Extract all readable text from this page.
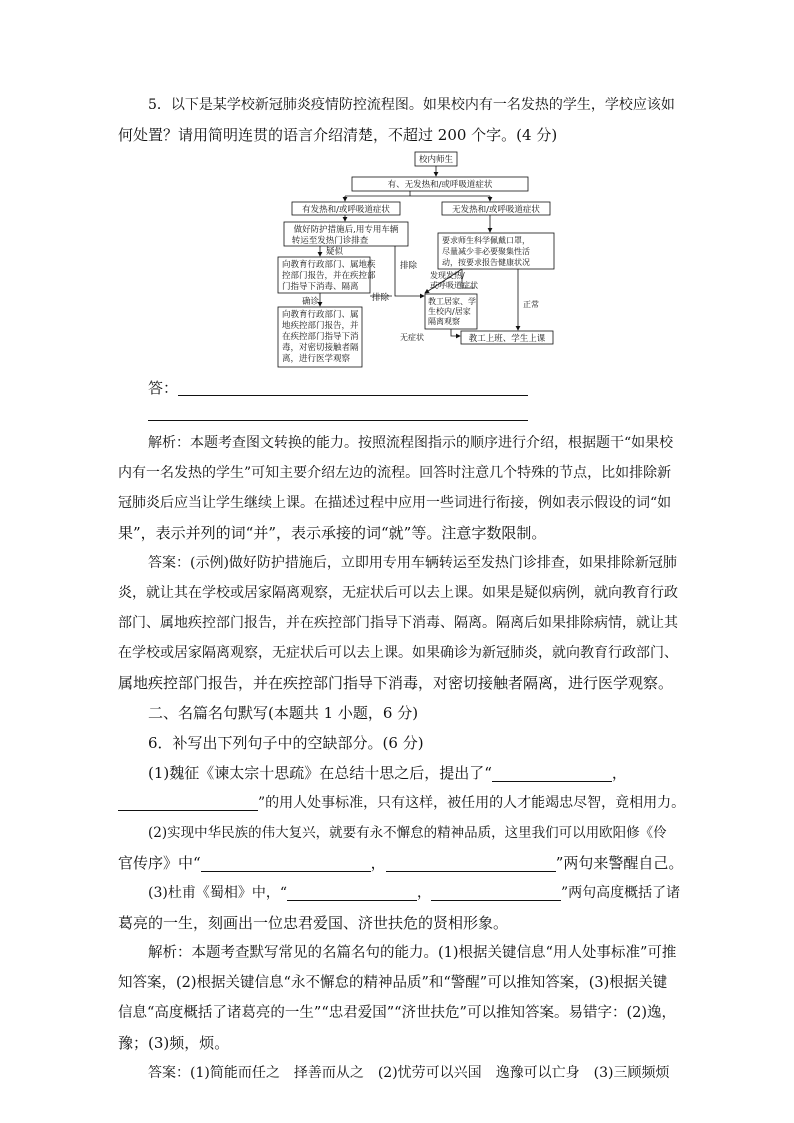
5．以下是某学校新冠肺炎疫情防控流程图。如果校内有一名发热的学生，学校应该如

何处置？请用简明连贯的语言介绍清楚，不超过 200 个字。(4 分)

校内师生
有、无发热和/或呼吸道症状
有发热和/或呼吸道症状	无发热和/或呼吸道症状
做好防护措施后,用专用车辆
转运至发热门诊排查
疑似
向教育行政部门、属地疾
控部门报告，并在疾控部
门指导下消毒、隔离
排除
排除
确诊
向教育行政部门、属
地疾控部门报告，并
在疾控部门指导下消
毒，对密切接触者隔
离，进行医学观察
要求师生科学佩戴口罩，
尽量减少非必要聚集性活
动，按要求报告健康状况
发现发热/
或呼吸道症状
正常
教工居家、学
生校内/居家
隔离观察
无症状	教工上班、学生上课

答：

解析：本题考查图文转换的能力。按照流程图指示的顺序进行介绍，根据题干“如果校

内有一名发热的学生”可知主要介绍左边的流程。回答时注意几个特殊的节点，比如排除新

冠肺炎后应当让学生继续上课。在描述过程中应用一些词进行衔接，例如表示假设的词“如

果”，表示并列的词“并”，表示承接的词“就”等。注意字数限制。

答案：(示例)做好防护措施后，立即用专用车辆转运至发热门诊排查，如果排除新冠肺

炎，就让其在学校或居家隔离观察，无症状后可以去上课。如果是疑似病例，就向教育行政

部门、属地疾控部门报告，并在疾控部门指导下消毒、隔离。隔离后如果排除病情，就让其

在学校或居家隔离观察，无症状后可以去上课。如果确诊为新冠肺炎，就向教育行政部门、

属地疾控部门报告，并在疾控部门指导下消毒，对密切接触者隔离，进行医学观察。

二、名篇名句默写(本题共 1 小题，6 分)

6．补写出下列句子中的空缺部分。(6 分)

(1)魏征《谏太宗十思疏》在总结十思之后，提出了“	，

”的用人处事标准，只有这样，被任用的人才能竭忠尽智，竟相用力。

(2)实现中华民族的伟大复兴，就要有永不懈怠的精神品质，这里我们可以用欧阳修《伶

官传序》中“	，	”两句来警醒自己。

(3)杜甫《蜀相》中，“	，	”两句高度概括了诸

葛亮的一生，刻画出一位忠君爱国、济世扶危的贤相形象。

解析：本题考查默写常见的名篇名句的能力。(1)根据关键信息“用人处事标准”可推

知答案，(2)根据关键信息“永不懈怠的精神品质”和“警醒”可以推知答案，(3)根据关键

信息“高度概括了诸葛亮的一生”“忠君爱国”“济世扶危”可以推知答案。易错字：(2)逸，

豫；(3)频，烦。

答案：(1)简能而任之　择善而从之　(2)忧劳可以兴国　逸豫可以亡身　(3)三顾频烦
